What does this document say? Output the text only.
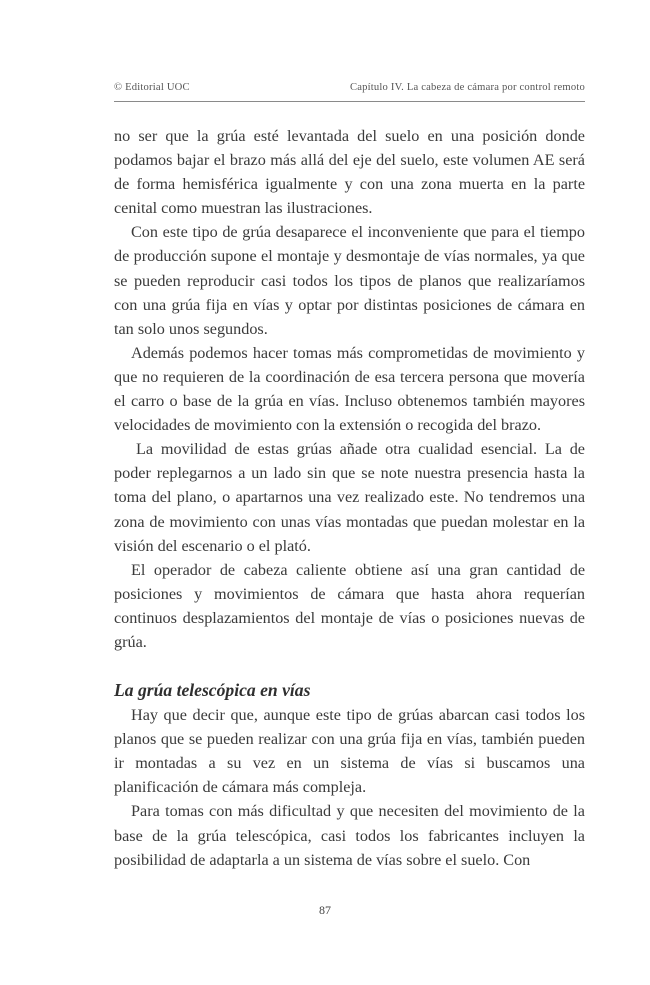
© Editorial UOC	Capítulo IV. La cabeza de cámara por control remoto

no ser que la grúa esté levantada del suelo en una posición donde podamos bajar el brazo más allá del eje del suelo, este volumen AE será de forma hemisférica igualmente y con una zona muerta en la parte cenital como muestran las ilustraciones.

Con este tipo de grúa desaparece el inconveniente que para el tiempo de producción supone el montaje y desmontaje de vías normales, ya que se pueden reproducir casi todos los tipos de planos que realizaríamos con una grúa fija en vías y optar por distintas posiciones de cámara en tan solo unos segundos.

Además podemos hacer tomas más comprometidas de movimiento y que no requieren de la coordinación de esa tercera persona que movería el carro o base de la grúa en vías. Incluso obtenemos también mayores velocidades de movimiento con la extensión o recogida del brazo.

La movilidad de estas grúas añade otra cualidad esencial. La de poder replegarnos a un lado sin que se note nuestra presencia hasta la toma del plano, o apartarnos una vez realizado este. No tendremos una zona de movimiento con unas vías montadas que puedan molestar en la visión del escenario o el plató.

El operador de cabeza caliente obtiene así una gran cantidad de posiciones y movimientos de cámara que hasta ahora requerían continuos desplazamientos del montaje de vías o posiciones nuevas de grúa.

La grúa telescópica en vías

Hay que decir que, aunque este tipo de grúas abarcan casi todos los planos que se pueden realizar con una grúa fija en vías, también pueden ir montadas a su vez en un sistema de vías si buscamos una planificación de cámara más compleja.

Para tomas con más dificultad y que necesiten del movimiento de la base de la grúa telescópica, casi todos los fabricantes incluyen la posibilidad de adaptarla a un sistema de vías sobre el suelo. Con

87
